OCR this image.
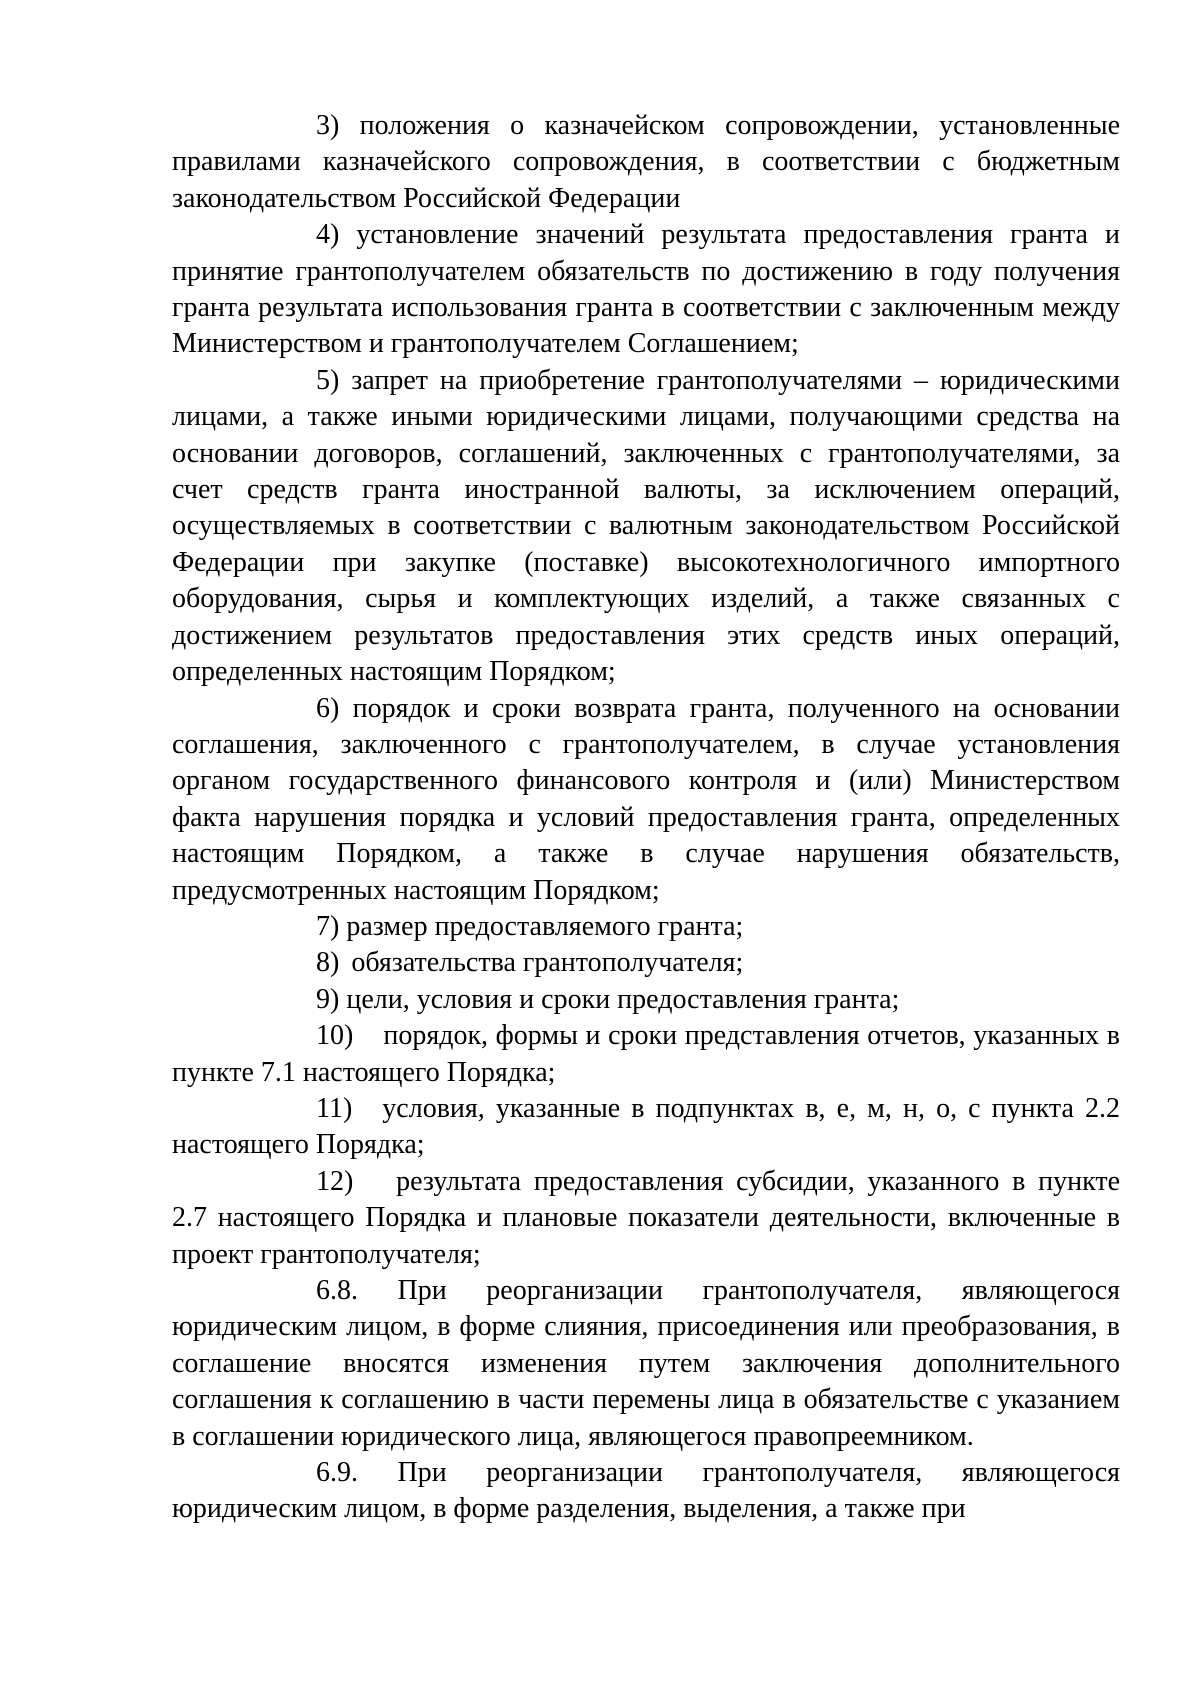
3) положения о казначейском сопровождении, установленные правилами казначейского сопровождения, в соответствии с бюджетным законодательством Российской Федерации

4) установление значений результата предоставления гранта и принятие грантополучателем обязательств по достижению в году получения гранта результата использования гранта в соответствии с заключенным между Министерством и грантополучателем Соглашением;

5) запрет на приобретение грантополучателями – юридическими лицами, а также иными юридическими лицами, получающими средства на основании договоров, соглашений, заключенных с грантополучателями, за счет средств гранта иностранной валюты, за исключением операций, осуществляемых в соответствии с валютным законодательством Российской Федерации при закупке (поставке) высокотехнологичного импортного оборудования, сырья и комплектующих изделий, а также связанных с достижением результатов предоставления этих средств иных операций, определенных настоящим Порядком;

6) порядок и сроки возврата гранта, полученного на основании соглашения, заключенного с грантополучателем, в случае установления органом государственного финансового контроля и (или) Министерством факта нарушения порядка и условий предоставления гранта, определенных настоящим Порядком, а также в случае нарушения обязательств, предусмотренных настоящим Порядком;

7) размер предоставляемого гранта;

8) обязательства грантополучателя;

9) цели, условия и сроки предоставления гранта;

10) порядок, формы и сроки представления отчетов, указанных в пункте 7.1 настоящего Порядка;

11) условия, указанные в подпунктах в, е, м, н, о, с пункта 2.2 настоящего Порядка;

12) результата предоставления субсидии, указанного в пункте 2.7 настоящего Порядка и плановые показатели деятельности, включенные в проект грантополучателя;

6.8. При реорганизации грантополучателя, являющегося юридическим лицом, в форме слияния, присоединения или преобразования, в соглашение вносятся изменения путем заключения дополнительного соглашения к соглашению в части перемены лица в обязательстве с указанием в соглашении юридического лица, являющегося правопреемником.

6.9. При реорганизации грантополучателя, являющегося юридическим лицом, в форме разделения, выделения, а также при
